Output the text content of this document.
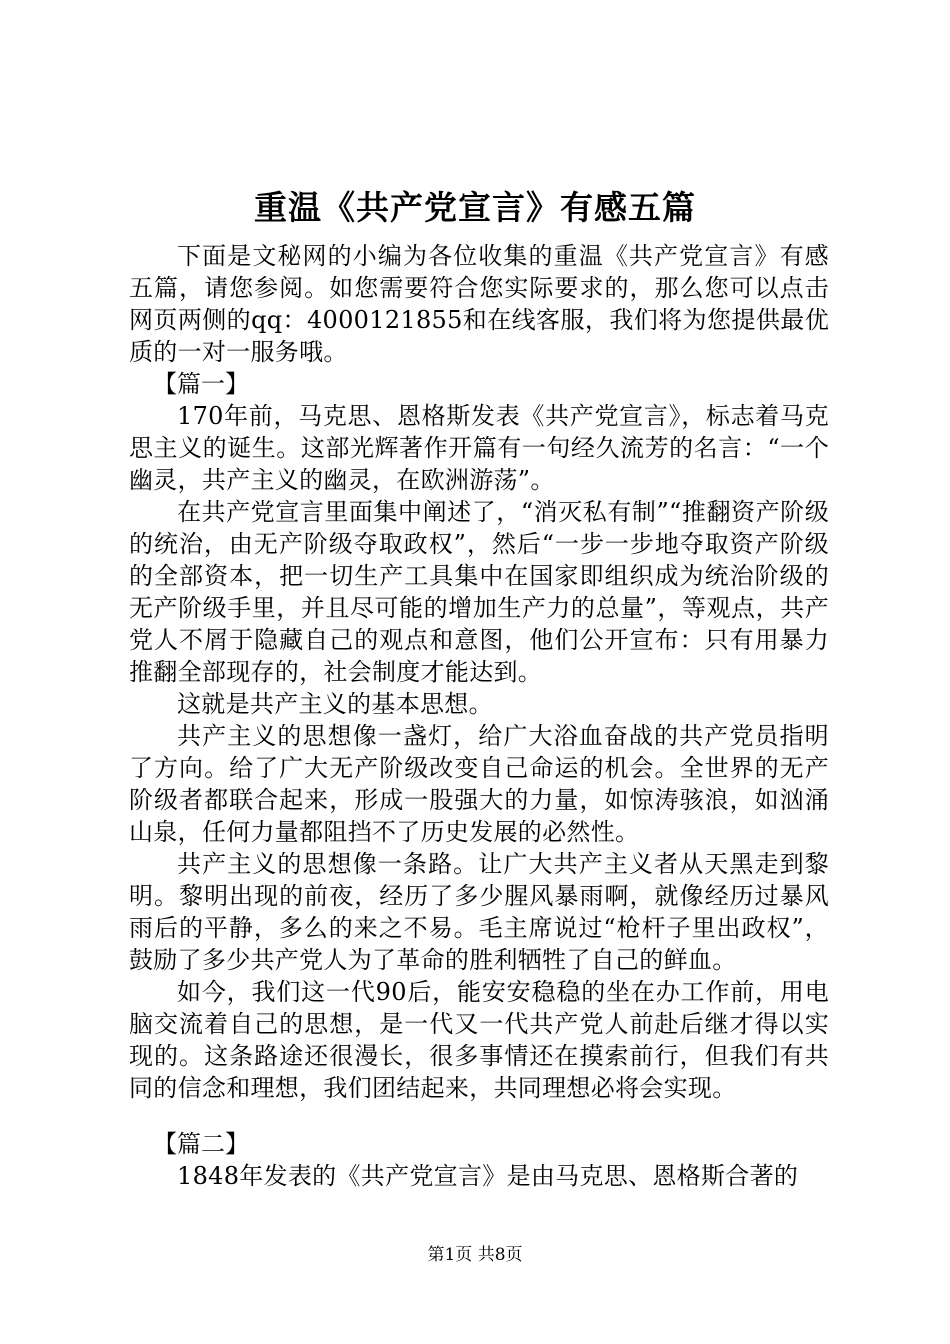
重温《共产党宣言》有感五篇

下面是文秘网的小编为各位收集的重温《共产党宣言》有感五篇，请您参阅。如您需要符合您实际要求的，那么您可以点击网页两侧的qq：4000121855和在线客服，我们将为您提供最优质的一对一服务哦。

【篇一】

170年前，马克思、恩格斯发表《共产党宣言》，标志着马克思主义的诞生。这部光辉著作开篇有一句经久流芳的名言：“一个幽灵，共产主义的幽灵，在欧洲游荡”。

在共产党宣言里面集中阐述了，“消灭私有制”“推翻资产阶级的统治，由无产阶级夺取政权”，然后“一步一步地夺取资产阶级的全部资本，把一切生产工具集中在国家即组织成为统治阶级的无产阶级手里，并且尽可能的增加生产力的总量”，等观点，共产党人不屑于隐藏自己的观点和意图，他们公开宣布：只有用暴力推翻全部现存的，社会制度才能达到。

这就是共产主义的基本思想。

共产主义的思想像一盏灯，给广大浴血奋战的共产党员指明了方向。给了广大无产阶级改变自己命运的机会。全世界的无产阶级者都联合起来，形成一股强大的力量，如惊涛骇浪，如汹涌山泉，任何力量都阻挡不了历史发展的必然性。

共产主义的思想像一条路。让广大共产主义者从天黑走到黎明。黎明出现的前夜，经历了多少腥风暴雨啊，就像经历过暴风雨后的平静，多么的来之不易。毛主席说过“枪杆子里出政权”，鼓励了多少共产党人为了革命的胜利牺牲了自己的鲜血。

如今，我们这一代90后，能安安稳稳的坐在办工作前，用电脑交流着自己的思想，是一代又一代共产党人前赴后继才得以实现的。这条路途还很漫长，很多事情还在摸索前行，但我们有共同的信念和理想，我们团结起来，共同理想必将会实现。

【篇二】

1848年发表的《共产党宣言》是由马克思、恩格斯合著的

第1页 共8页
